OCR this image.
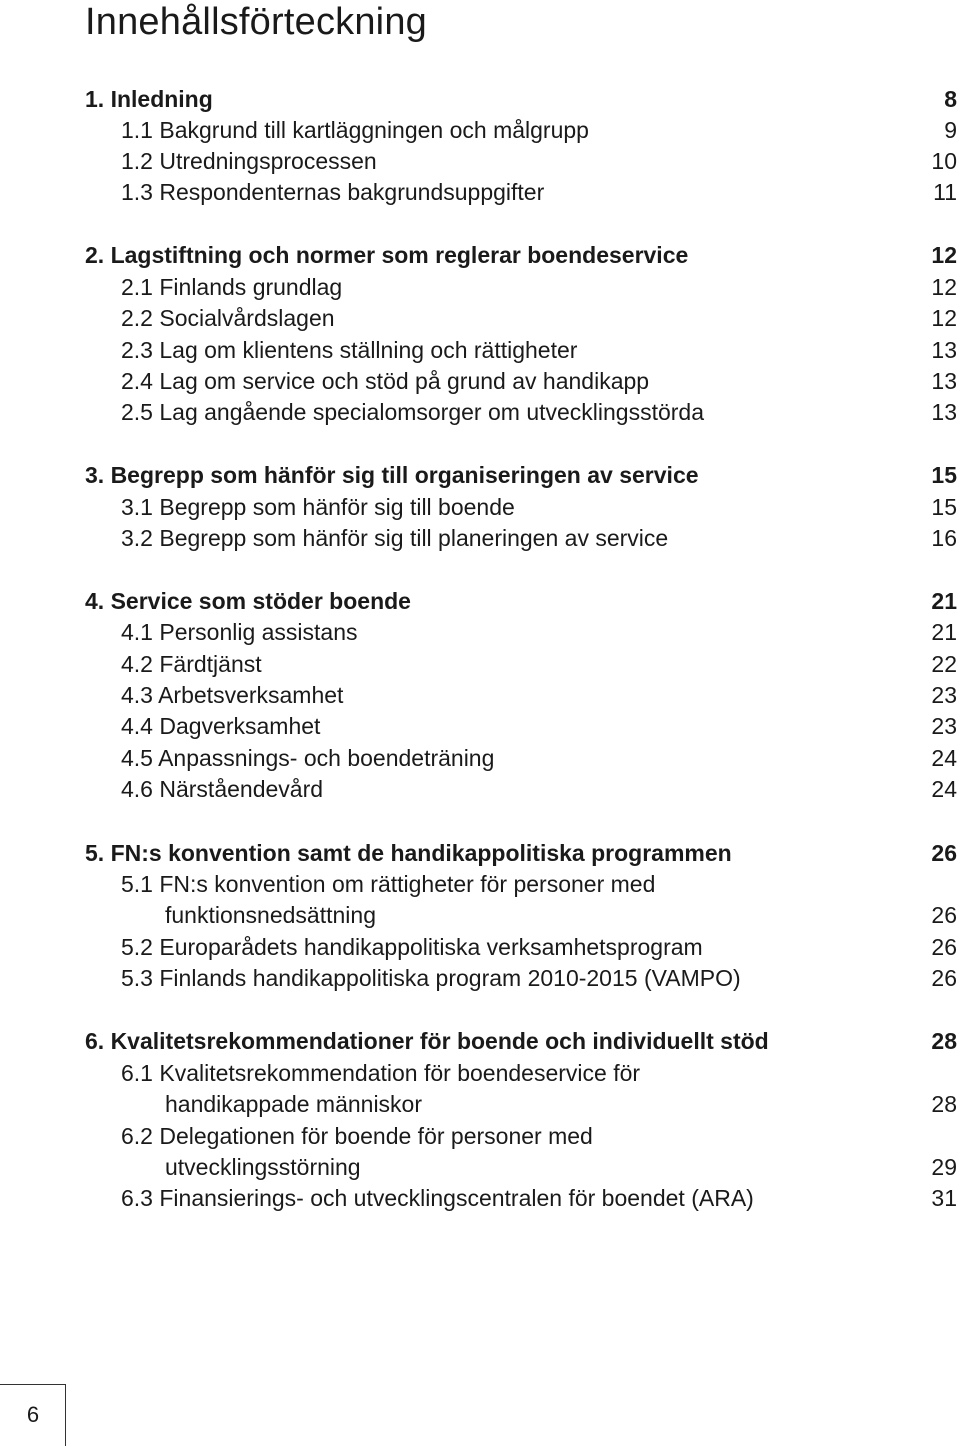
Innehållsförteckning
1. Inledning	8
1.1 Bakgrund till kartläggningen och målgrupp	9
1.2 Utredningsprocessen	10
1.3 Respondenternas bakgrundsuppgifter	11
2. Lagstiftning och normer som reglerar boendeservice	12
2.1 Finlands grundlag	12
2.2 Socialvårdslagen	12
2.3 Lag om klientens ställning och rättigheter	13
2.4 Lag om service och stöd på grund av handikapp	13
2.5 Lag angående specialomsorger om utvecklingsstörda	13
3. Begrepp som hänför sig till organiseringen av service	15
3.1 Begrepp som hänför sig till boende	15
3.2 Begrepp som hänför sig till planeringen av service	16
4. Service som stöder boende	21
4.1 Personlig assistans	21
4.2 Färdtjänst	22
4.3 Arbetsverksamhet	23
4.4 Dagverksamhet	23
4.5 Anpassnings- och boendeträning	24
4.6 Närståendevård	24
5. FN:s konvention samt de handikappolitiska programmen	26
5.1 FN:s konvention om rättigheter för personer med
funktionsnedsättning	26
5.2 Europarådets handikappolitiska verksamhetsprogram	26
5.3 Finlands handikappolitiska program 2010-2015 (VAMPO)	26
6. Kvalitetsrekommendationer för boende och individuellt stöd	28
6.1 Kvalitetsrekommendation för boendeservice för
handikappade människor	28
6.2 Delegationen för boende för personer med
utvecklingsstörning	29
6.3 Finansierings- och utvecklingscentralen för boendet (ARA)	31
6
